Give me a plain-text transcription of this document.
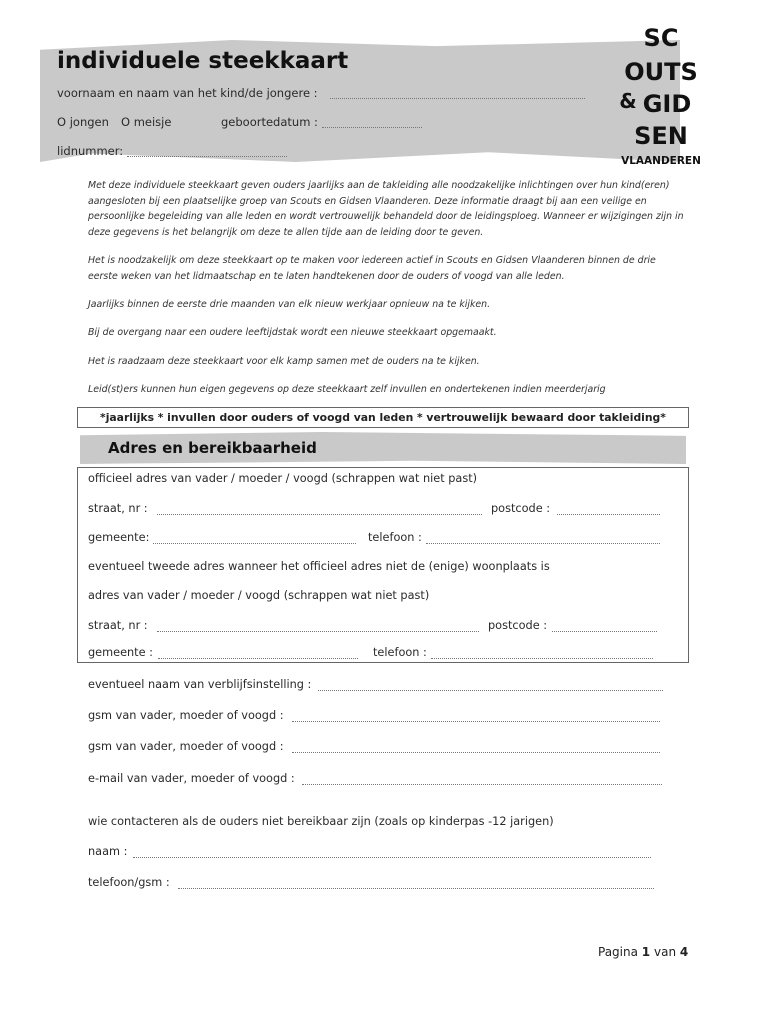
individuele steekkaart
voornaam en naam van het kind/de jongere :
O jongen O meisje	geboortedatum :
lidnummer:
SC
OUTS
& GID
SEN
VLAANDEREN
Met deze individuele steekkaart geven ouders jaarlijks aan de takleiding alle noodzakelijke inlichtingen over hun kind(eren) aangesloten bij een plaatselijke groep van Scouts en Gidsen Vlaanderen. Deze informatie draagt bij aan een veilige en persoonlijke begeleiding van alle leden en wordt vertrouwelijk behandeld door de leidingsploeg. Wanneer er wijzigingen zijn in deze gegevens is het belangrijk om deze te allen tijde aan de leiding door te geven.
Het is noodzakelijk om deze steekkaart op te maken voor iedereen actief in Scouts en Gidsen Vlaanderen binnen de drie eerste weken van het lidmaatschap en te laten handtekenen door de ouders of voogd van alle leden.
Jaarlijks binnen de eerste drie maanden van elk nieuw werkjaar opnieuw na te kijken.
Bij de overgang naar een oudere leeftijdstak wordt een nieuwe steekkaart opgemaakt.
Het is raadzaam deze steekkaart voor elk kamp samen met de ouders na te kijken.
Leid(st)ers kunnen hun eigen gegevens op deze steekkaart zelf invullen en ondertekenen indien meerderjarig
*jaarlijks * invullen door ouders of voogd van leden * vertrouwelijk bewaard door takleiding*
Adres en bereikbaarheid
officieel adres van vader / moeder / voogd (schrappen wat niet past)
straat, nr :	postcode :
gemeente:	telefoon :
eventueel tweede adres wanneer het officieel adres niet de (enige) woonplaats is
adres van vader / moeder / voogd (schrappen wat niet past)
straat, nr :	postcode :
gemeente :	telefoon :
eventueel naam van verblijfsinstelling :
gsm van vader, moeder of voogd :
gsm van vader, moeder of voogd :
e-mail van vader, moeder of voogd :
wie contacteren als de ouders niet bereikbaar zijn (zoals op kinderpas -12 jarigen)
naam :
telefoon/gsm :
Pagina 1 van 4
